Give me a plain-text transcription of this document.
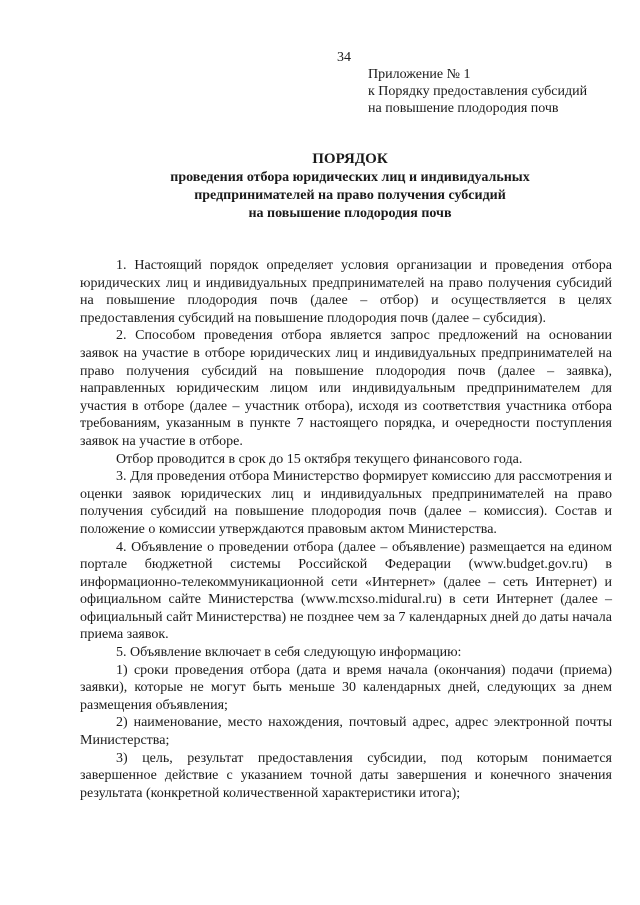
34
Приложение № 1
к Порядку предоставления субсидий
на повышение плодородия почв
ПОРЯДОК
проведения отбора юридических лиц и индивидуальных
предпринимателей на право получения субсидий
на повышение плодородия почв

1. Настоящий порядок определяет условия организации и проведения отбора юридических лиц и индивидуальных предпринимателей на право получения субсидий на повышение плодородия почв (далее – отбор) и осуществляется в целях предоставления субсидий на повышение плодородия почв (далее – субсидия).

2. Способом проведения отбора является запрос предложений на основании заявок на участие в отборе юридических лиц и индивидуальных предпринимателей на право получения субсидий на повышение плодородия почв (далее – заявка), направленных юридическим лицом или индивидуальным предпринимателем для участия в отборе (далее – участник отбора), исходя из соответствия участника отбора требованиям, указанным в пункте 7 настоящего порядка, и очередности поступления заявок на участие в отборе.

Отбор проводится в срок до 15 октября текущего финансового года.

3. Для проведения отбора Министерство формирует комиссию для рассмотрения и оценки заявок юридических лиц и индивидуальных предпринимателей на право получения субсидий на повышение плодородия почв (далее – комиссия). Состав и положение о комиссии утверждаются правовым актом Министерства.

4. Объявление о проведении отбора (далее – объявление) размещается на едином портале бюджетной системы Российской Федерации (www.budget.gov.ru) в информационно-телекоммуникационной сети «Интернет» (далее – сеть Интернет) и официальном сайте Министерства (www.mcxso.midural.ru) в сети Интернет (далее – официальный сайт Министерства) не позднее чем за 7 календарных дней до даты начала приема заявок.

5. Объявление включает в себя следующую информацию:

1) сроки проведения отбора (дата и время начала (окончания) подачи (приема) заявки), которые не могут быть меньше 30 календарных дней, следующих за днем размещения объявления;

2) наименование, место нахождения, почтовый адрес, адрес электронной почты Министерства;

3) цель, результат предоставления субсидии, под которым понимается завершенное действие с указанием точной даты завершения и конечного значения результата (конкретной количественной характеристики итога);
